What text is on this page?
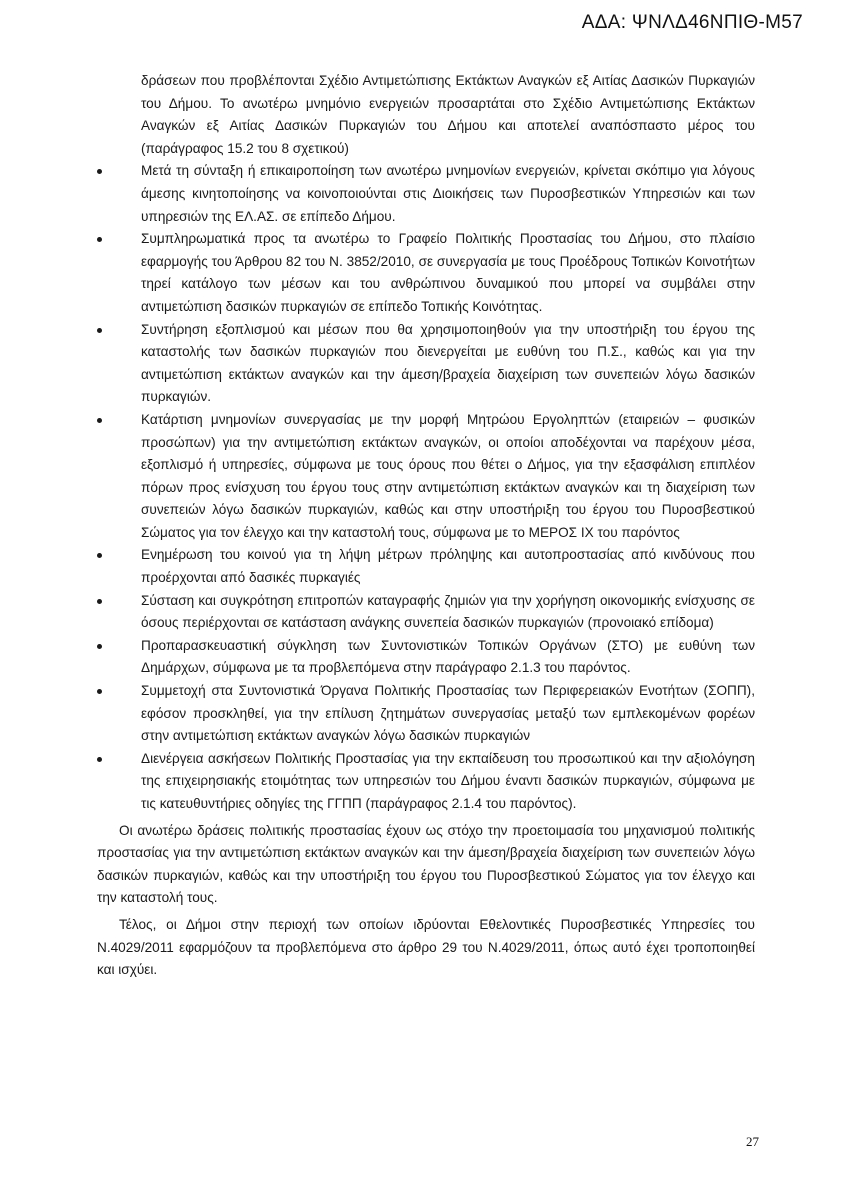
ΑΔΑ: ΨΝΛΔ46ΝΠΙΘ-Μ57

δράσεων που προβλέπονται Σχέδιο Αντιμετώπισης Εκτάκτων Αναγκών εξ Αιτίας Δασικών Πυρκαγιών του Δήμου. Το ανωτέρω μνημόνιο ενεργειών προσαρτάται στο Σχέδιο Αντιμετώπισης Εκτάκτων Αναγκών εξ Αιτίας Δασικών Πυρκαγιών του Δήμου και αποτελεί αναπόσπαστο μέρος του (παράγραφος 15.2 του 8 σχετικού)

Μετά τη σύνταξη ή επικαιροποίηση των ανωτέρω μνημονίων ενεργειών, κρίνεται σκόπιμο για λόγους άμεσης κινητοποίησης να κοινοποιούνται στις Διοικήσεις των Πυροσβεστικών Υπηρεσιών και των υπηρεσιών της ΕΛ.ΑΣ. σε επίπεδο Δήμου.
Συμπληρωματικά προς τα ανωτέρω το Γραφείο Πολιτικής Προστασίας του Δήμου, στο πλαίσιο εφαρμογής του Άρθρου 82 του Ν. 3852/2010, σε συνεργασία με τους Προέδρους Τοπικών Κοινοτήτων τηρεί κατάλογο των μέσων και του ανθρώπινου δυναμικού που μπορεί να συμβάλει στην αντιμετώπιση δασικών πυρκαγιών σε επίπεδο Τοπικής Κοινότητας.
Συντήρηση εξοπλισμού και μέσων που θα χρησιμοποιηθούν για την υποστήριξη του έργου της καταστολής των δασικών πυρκαγιών που διενεργείται με ευθύνη του Π.Σ., καθώς και για την αντιμετώπιση εκτάκτων αναγκών και την άμεση/βραχεία διαχείριση των συνεπειών λόγω δασικών πυρκαγιών.
Κατάρτιση μνημονίων συνεργασίας με την μορφή Μητρώου Εργοληπτών (εταιρειών – φυσικών προσώπων) για την αντιμετώπιση εκτάκτων αναγκών, οι οποίοι αποδέχονται να παρέχουν μέσα, εξοπλισμό ή υπηρεσίες, σύμφωνα με τους όρους που θέτει ο Δήμος, για την εξασφάλιση επιπλέον πόρων προς ενίσχυση του έργου τους στην αντιμετώπιση εκτάκτων αναγκών και τη διαχείριση των συνεπειών λόγω δασικών πυρκαγιών, καθώς και στην υποστήριξη του έργου του Πυροσβεστικού Σώματος για τον έλεγχο και την καταστολή τους, σύμφωνα με το ΜΕΡΟΣ IX του παρόντος
Ενημέρωση του κοινού για τη λήψη μέτρων πρόληψης και αυτοπροστασίας από κινδύνους που προέρχονται από δασικές πυρκαγιές
Σύσταση και συγκρότηση επιτροπών καταγραφής ζημιών για την χορήγηση οικονομικής ενίσχυσης σε όσους περιέρχονται σε κατάσταση ανάγκης συνεπεία δασικών πυρκαγιών (προνοιακό επίδομα)
Προπαρασκευαστική σύγκληση των Συντονιστικών Τοπικών Οργάνων (ΣΤΟ) με ευθύνη των Δημάρχων, σύμφωνα με τα προβλεπόμενα στην παράγραφο 2.1.3 του παρόντος.
Συμμετοχή στα Συντονιστικά Όργανα Πολιτικής Προστασίας των Περιφερειακών Ενοτήτων (ΣΟΠΠ), εφόσον προσκληθεί, για την επίλυση ζητημάτων συνεργασίας μεταξύ των εμπλεκομένων φορέων στην αντιμετώπιση εκτάκτων αναγκών λόγω δασικών πυρκαγιών
Διενέργεια ασκήσεων Πολιτικής Προστασίας για την εκπαίδευση του προσωπικού και την αξιολόγηση της επιχειρησιακής ετοιμότητας των υπηρεσιών του Δήμου έναντι δασικών πυρκαγιών, σύμφωνα με τις κατευθυντήριες οδηγίες της ΓΓΠΠ (παράγραφος 2.1.4 του παρόντος).

Οι ανωτέρω δράσεις πολιτικής προστασίας έχουν ως στόχο την προετοιμασία του μηχανισμού πολιτικής προστασίας για την αντιμετώπιση εκτάκτων αναγκών και την άμεση/βραχεία διαχείριση των συνεπειών λόγω δασικών πυρκαγιών, καθώς και την υποστήριξη του έργου του Πυροσβεστικού Σώματος για τον έλεγχο και την καταστολή τους.

Τέλος, οι Δήμοι στην περιοχή των οποίων ιδρύονται Εθελοντικές Πυροσβεστικές Υπηρεσίες του Ν.4029/2011 εφαρμόζουν τα προβλεπόμενα στο άρθρο 29 του Ν.4029/2011, όπως αυτό έχει τροποποιηθεί και ισχύει.

27
